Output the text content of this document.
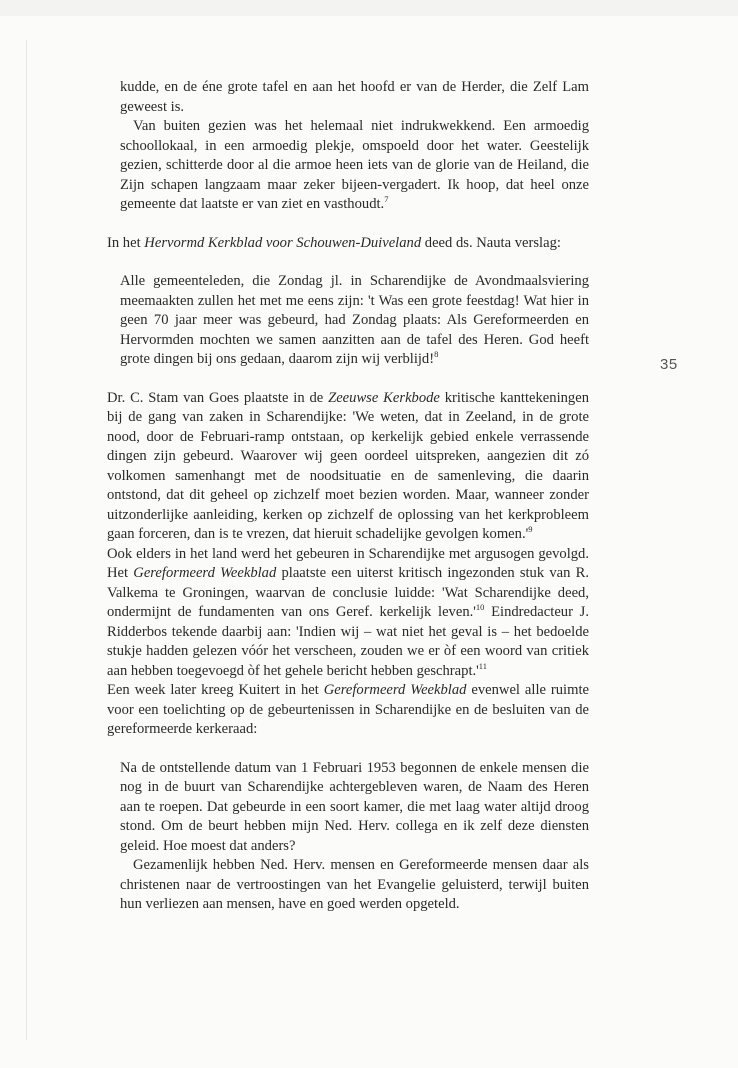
35

kudde, en de éne grote tafel en aan het hoofd er van de Herder, die Zelf Lam geweest is.

Van buiten gezien was het helemaal niet indrukwekkend. Een armoedig schoollokaal, in een armoedig plekje, omspoeld door het water. Geestelijk gezien, schitterde door al die armoe heen iets van de glorie van de Heiland, die Zijn schapen langzaam maar zeker bijeen-vergadert. Ik hoop, dat heel onze gemeente dat laatste er van ziet en vasthoudt.$^7$

In het Hervormd Kerkblad voor Schouwen-Duiveland deed ds. Nauta verslag:

Alle gemeenteleden, die Zondag jl. in Scharendijke de Avondmaalsviering meemaakten zullen het met me eens zijn: 't Was een grote feestdag! Wat hier in geen 70 jaar meer was gebeurd, had Zondag plaats: Als Gereformeerden en Hervormden mochten we samen aanzitten aan de tafel des Heren. God heeft grote dingen bij ons gedaan, daarom zijn wij verblijd!$^8$

Dr. C. Stam van Goes plaatste in de Zeeuwse Kerkbode kritische kanttеkeningen bij de gang van zaken in Scharendijke: 'We weten, dat in Zeeland, in de grote nood, door de Februari-ramp ontstaan, op kerkelijk gebied enkele verrassende dingen zijn gebeurd. Waarover wij geen oordeel uitspreken, aangezien dit zó volkomen samenhangt met de noodsituatie en de samenleving, die daarin ontstond, dat dit geheel op zichzelf moet bezien worden. Maar, wanneer zonder uitzonderlijke aanleiding, kerken op zichzelf de oplossing van het kerkprobleem gaan forceren, dan is te vrezen, dat hieruit schadelijke gevolgen $komen.'^9$

Ook elders in het land werd het gebeuren in Scharendijke met argusogen gevolgd. Het Gereformeerd Weekblad plaatste een uiterst kritisch ingezonden stuk van R. Valkema te Groningen, waarvan de conclusie luidde: 'Wat Scharendijke deed, ondermijnt de fundamenten van ons Geref. kerkelijk $leven.'^{10}$ Eindredacteur J. Ridderbos tekende daarbij aan: 'Indien wij – wat niet het geval is – het bedoelde stukje hadden gelezen vóór het verscheen, zouden we er òf een woord van critiek aan hebben toegevoegd òf het gehele bericht hebben $geschrapt.'^{11}$

Een week later kreeg Kuitert in het Gereformeerd Weekblad evenwel alle ruimte voor een toelichting op de gebeurtenissen in Scharendijke en de besluiten van de gereformeerde kerkeraad:

Na de ontstellende datum van 1 Februari 1953 begonnen de enkele mensen die nog in de buurt van Scharendijke achtergebleven waren, de Naam des Heren aan te roepen. Dat gebeurde in een soort kamer, die met laag water altijd droog stond. Om de beurt hebben mijn Ned. Herv. collega en ik zelf deze diensten geleid. Hoe moest dat anders?

Gezamenlijk hebben Ned. Herv. mensen en Gereformeerde mensen daar als christenen naar de vertroostingen van het Evangelie geluisterd, terwijl buiten hun verliezen aan mensen, have en goed werden opgeteld.
